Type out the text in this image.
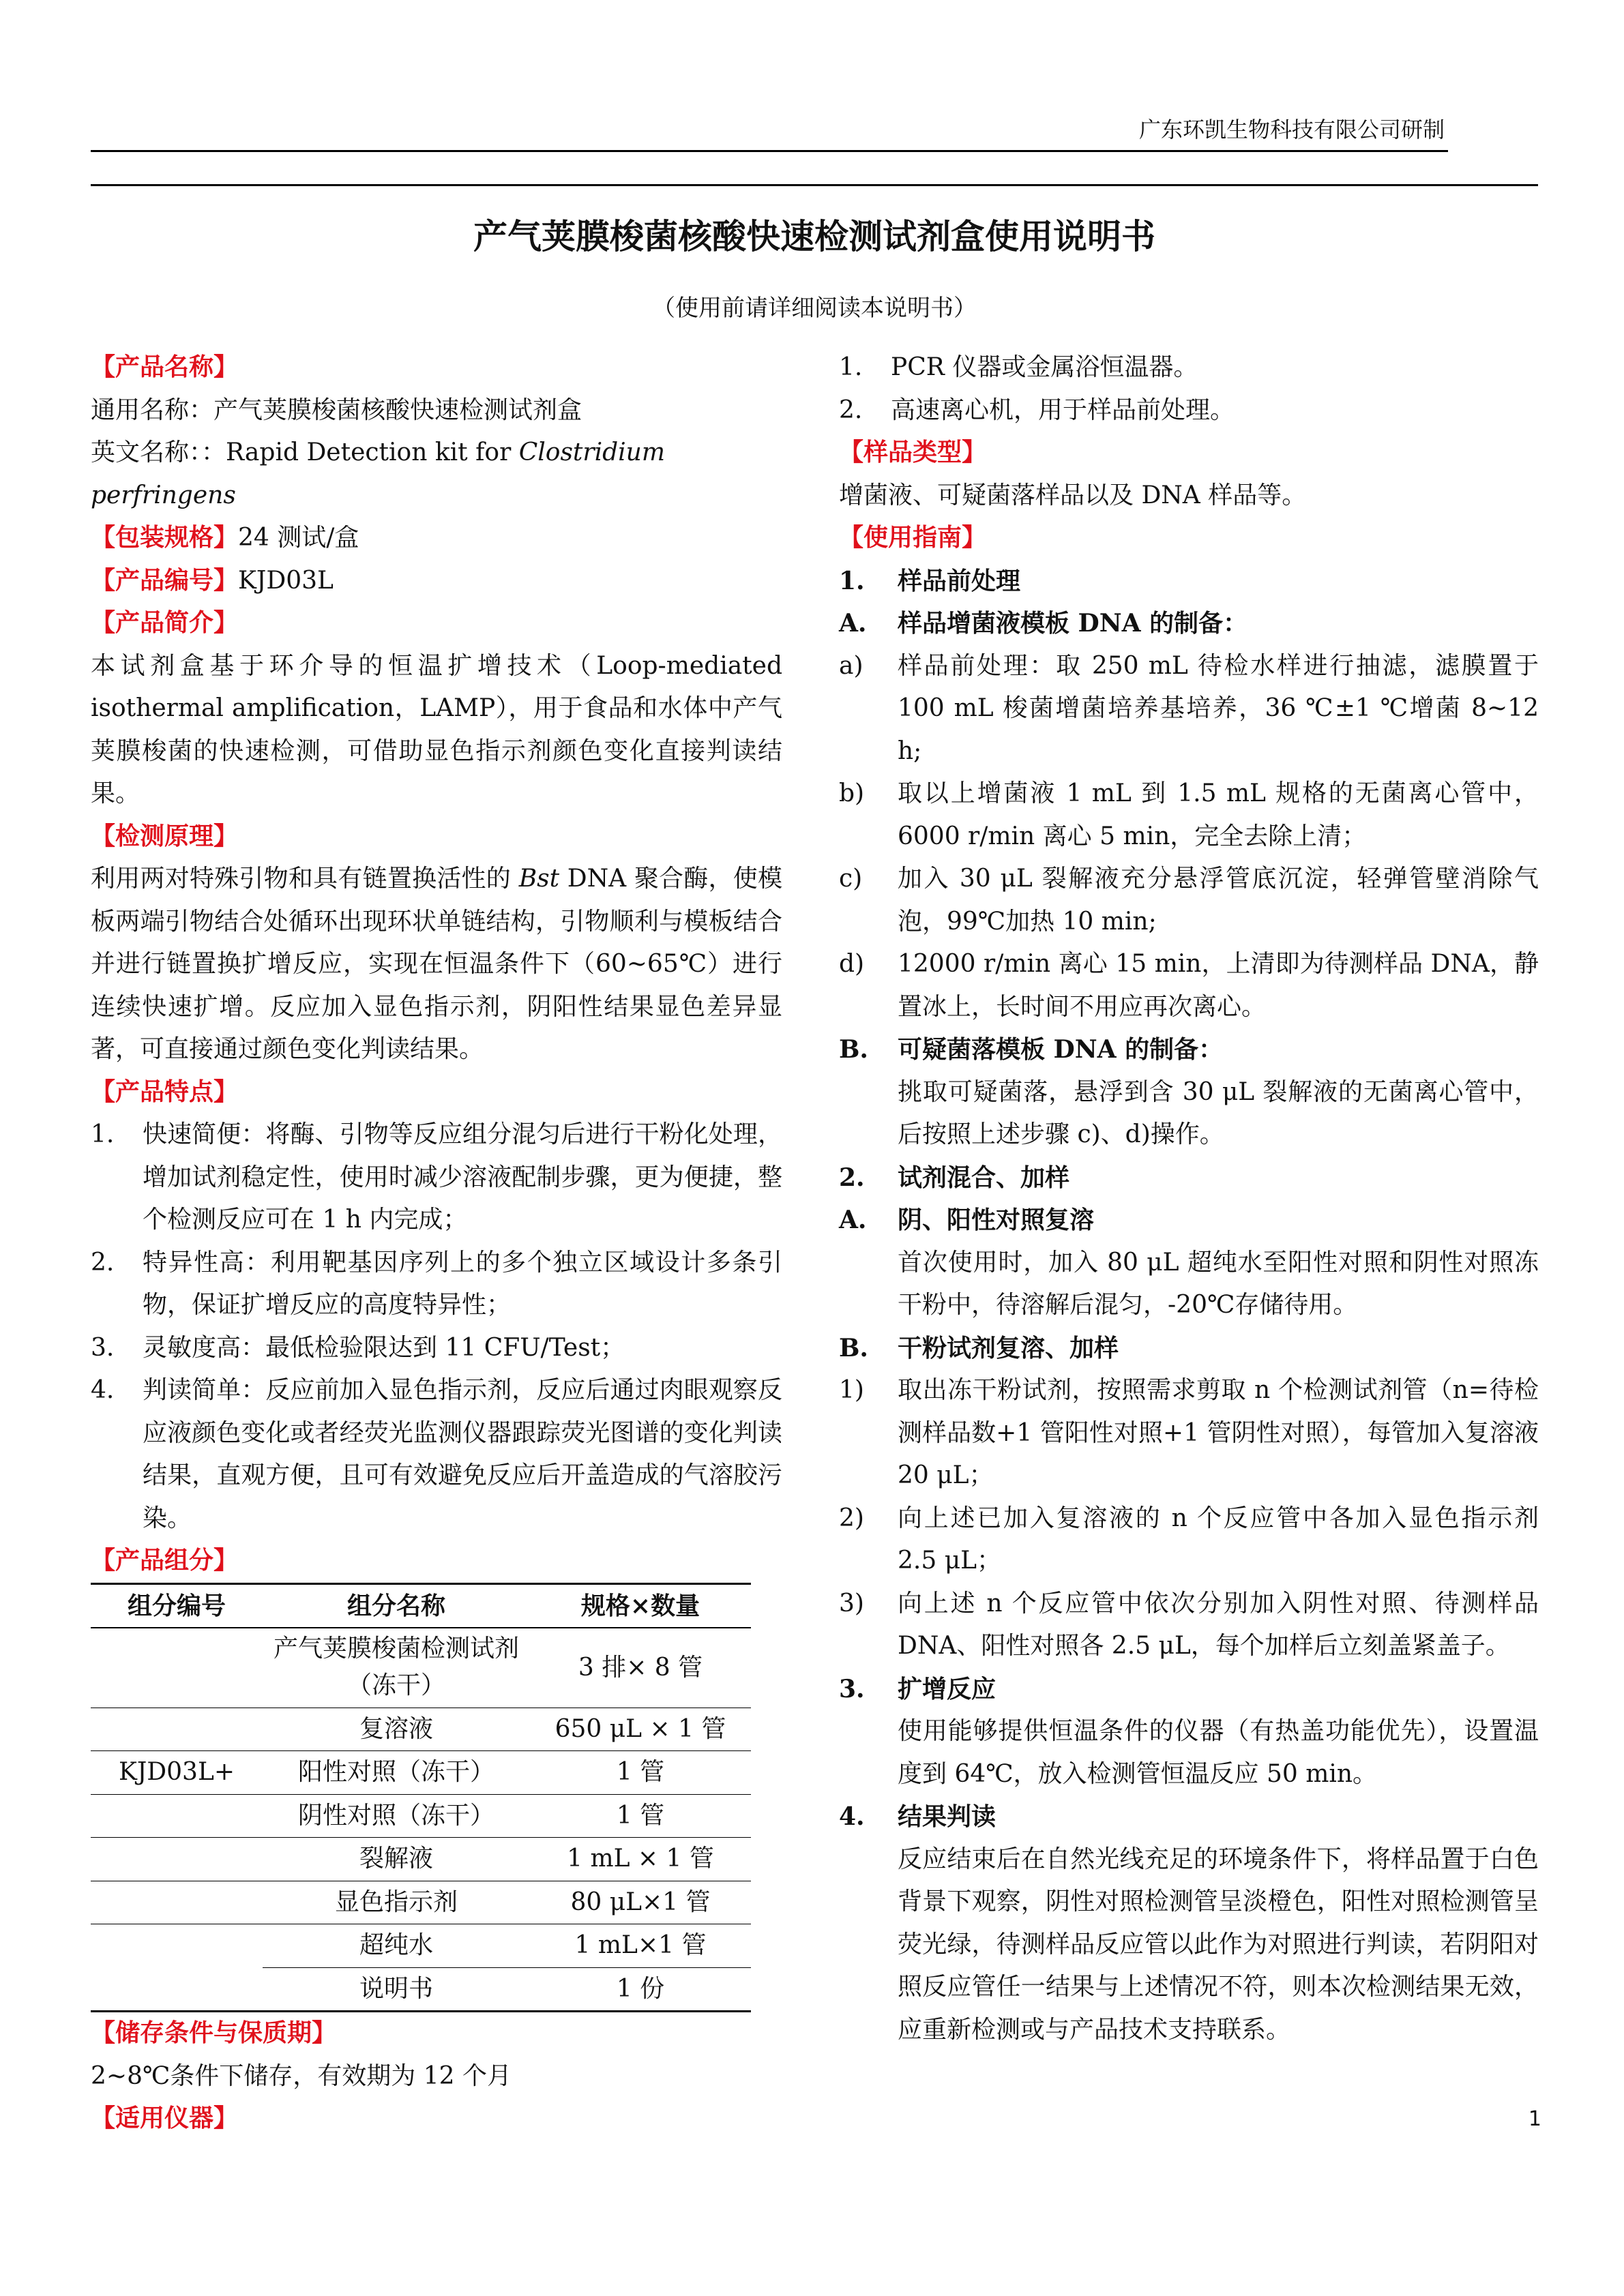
广东环凯生物科技有限公司研制
产气荚膜梭菌核酸快速检测试剂盒使用说明书
（使用前请详细阅读本说明书）
【产品名称】
通用名称：产气荚膜梭菌核酸快速检测试剂盒
英文名称：：Rapid Detection kit for Clostridium perfringens
【包装规格】24 测试/盒
【产品编号】KJD03L
【产品简介】
本试剂盒基于环介导的恒温扩增技术（Loop-mediated isothermal amplification，LAMP），用于食品和水体中产气荚膜梭菌的快速检测，可借助显色指示剂颜色变化直接判读结果。
【检测原理】
利用两对特殊引物和具有链置换活性的 Bst DNA 聚合酶，使模板两端引物结合处循环出现环状单链结构，引物顺利与模板结合并进行链置换扩增反应，实现在恒温条件下（60~65℃）进行连续快速扩增。反应加入显色指示剂，阴阳性结果显色差异显著，可直接通过颜色变化判读结果。
【产品特点】
1.	快速简便：将酶、引物等反应组分混匀后进行干粉化处理，增加试剂稳定性，使用时减少溶液配制步骤，更为便捷，整个检测反应可在 1 h 内完成；
2.	特异性高：利用靶基因序列上的多个独立区域设计多条引物，保证扩增反应的高度特异性；
3.	灵敏度高：最低检验限达到 11 CFU/Test；
4.	判读简单：反应前加入显色指示剂，反应后通过肉眼观察反应液颜色变化或者经荧光监测仪器跟踪荧光图谱的变化判读结果，直观方便，且可有效避免反应后开盖造成的气溶胶污染。
【产品组分】
组分编号	组分名称	规格×数量
	产气荚膜梭菌检测试剂（冻干）	3 排× 8 管
	复溶液	650 μL × 1 管
KJD03L+	阳性对照（冻干）	1 管
	阴性对照（冻干）	1 管
	裂解液	1 mL × 1 管
	显色指示剂	80 μL×1 管
	超纯水	1 mL×1 管
	说明书	1 份
【储存条件与保质期】
2~8℃条件下储存，有效期为 12 个月
【适用仪器】
1.	PCR 仪器或金属浴恒温器。
2.	高速离心机，用于样品前处理。
【样品类型】
增菌液、可疑菌落样品以及 DNA 样品等。
【使用指南】
1.	样品前处理
A.	样品增菌液模板 DNA 的制备：
a)	样品前处理：取 250 mL 待检水样进行抽滤，滤膜置于 100 mL 梭菌增菌培养基培养，36 ℃±1 ℃增菌 8~12 h;
b)	取以上增菌液 1 mL 到 1.5 mL 规格的无菌离心管中，6000 r/min 离心 5 min，完全去除上清；
c)	加入 30 μL 裂解液充分悬浮管底沉淀，轻弹管壁消除气泡，99℃加热 10 min;
d)	12000 r/min 离心 15 min，上清即为待测样品 DNA，静置冰上，长时间不用应再次离心。
B.	可疑菌落模板 DNA 的制备：
挑取可疑菌落，悬浮到含 30 μL 裂解液的无菌离心管中，后按照上述步骤 c)、d)操作。
2.	试剂混合、加样
A.	阴、阳性对照复溶
首次使用时，加入 80 μL 超纯水至阳性对照和阴性对照冻干粉中，待溶解后混匀，-20℃存储待用。
B.	干粉试剂复溶、加样
1)	取出冻干粉试剂，按照需求剪取 n 个检测试剂管（n=待检测样品数+1 管阳性对照+1 管阴性对照），每管加入复溶液 20 μL；
2)	向上述已加入复溶液的 n 个反应管中各加入显色指示剂 2.5 μL；
3)	向上述 n 个反应管中依次分别加入阴性对照、待测样品 DNA、阳性对照各 2.5 μL，每个加样后立刻盖紧盖子。
3.	扩增反应
使用能够提供恒温条件的仪器（有热盖功能优先），设置温度到 64℃，放入检测管恒温反应 50 min。
4.	结果判读
反应结束后在自然光线充足的环境条件下，将样品置于白色背景下观察，阴性对照检测管呈淡橙色，阳性对照检测管呈荧光绿，待测样品反应管以此作为对照进行判读，若阴阳对照反应管任一结果与上述情况不符，则本次检测结果无效，应重新检测或与产品技术支持联系。
1
